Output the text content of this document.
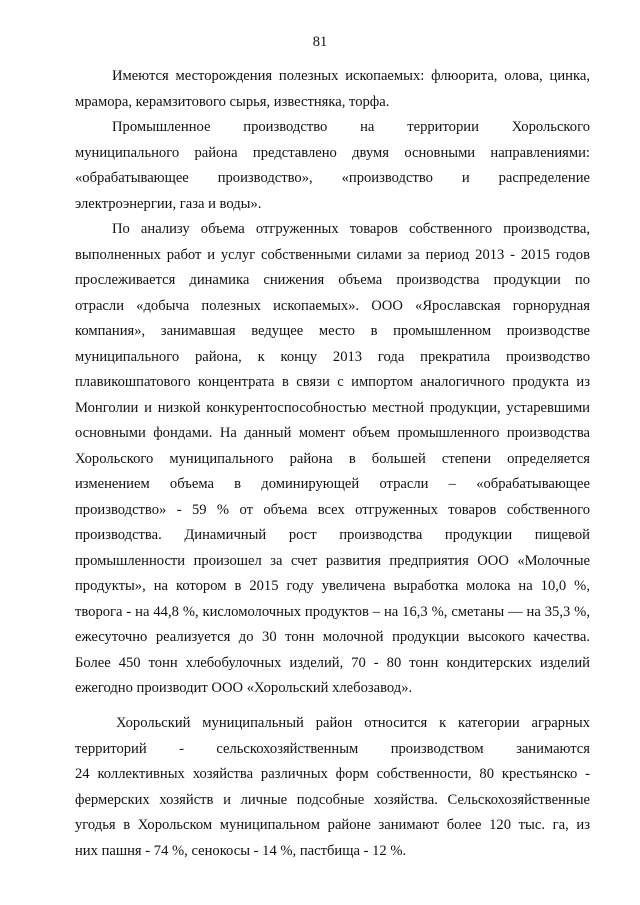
81
Имеются месторождения полезных ископаемых: флюорита, олова, цинка,
мрамора, керамзитового сырья, известняка, торфа.
Промышленное производство на территории Хорольского
муниципального района представлено двумя основными направлениями:
«обрабатывающее производство», «производство и распределение
электроэнергии, газа и воды».
По анализу объема отгруженных товаров собственного производства,
выполненных работ и услуг собственными силами за период 2013 - 2015 годов
прослеживается динамика снижения объема производства продукции по
отрасли «добыча полезных ископаемых». ООО «Ярославская горнорудная
компания», занимавшая ведущее место в промышленном производстве
муниципального района, к концу 2013 года прекратила производство
плавикошпатового концентрата в связи с импортом аналогичного продукта из
Монголии и низкой конкурентоспособностью местной продукции, устаревшими
основными фондами. На данный момент объем промышленного производства
Хорольского муниципального района в большей степени определяется
изменением объема в доминирующей отрасли – «обрабатывающее
производство» - 59 % от объема всех отгруженных товаров собственного
производства. Динамичный рост производства продукции пищевой
промышленности произошел за счет развития предприятия ООО «Молочные
продукты», на котором в 2015 году увеличена выработка молока на 10,0 %,
творога - на 44,8 %, кисломолочных продуктов – на 16,3 %, сметаны — на 35,3 %,
ежесуточно реализуется до 30 тонн молочной продукции высокого качества.
Более 450 тонн хлебобулочных изделий, 70 - 80 тонн кондитерских изделий
ежегодно производит ООО «Хорольский хлебозавод».
Хорольский муниципальный район относится к категории аграрных
территорий - сельскохозяйственным производством занимаются
24 коллективных хозяйства различных форм собственности, 80 крестьянско -
фермерских хозяйств и личные подсобные хозяйства. Сельскохозяйственные
угодья в Хорольском муниципальном районе занимают более 120 тыс. га, из
них пашня - 74 %, сенокосы - 14 %, пастбища - 12 %.
